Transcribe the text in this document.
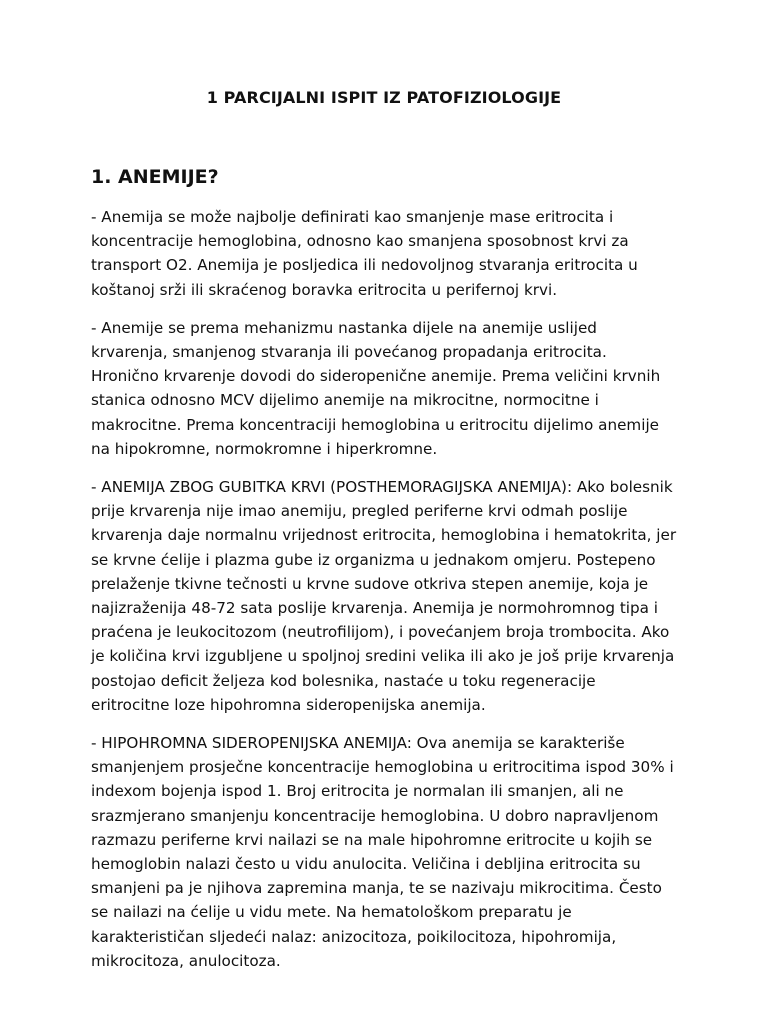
1 PARCIJALNI ISPIT IZ PATOFIZIOLOGIJE
1. ANEMIJE?

- Anemija se može najbolje definirati kao smanjenje mase eritrocita i koncentracije hemoglobina, odnosno kao smanjena sposobnost krvi za transport O2. Anemija je posljedica ili nedovoljnog stvaranja eritrocita u koštanoj srži ili skraćenog boravka eritrocita u perifernoj krvi.

- Anemije se prema mehanizmu nastanka dijele na anemije uslijed krvarenja, smanjenog stvaranja ili povećanog propadanja eritrocita. Hronično krvarenje dovodi do sideropenične anemije. Prema veličini krvnih stanica odnosno MCV dijelimo anemije na mikrocitne, normocitne i makrocitne. Prema koncentraciji hemoglobina u eritrocitu dijelimo anemije na hipokromne, normokromne i hiperkromne.

- ANEMIJA ZBOG GUBITKA KRVI (POSTHEMORAGIJSKA ANEMIJA): Ako bolesnik prije krvarenja nije imao anemiju, pregled periferne krvi odmah poslije krvarenja daje normalnu vrijednost eritrocita, hemoglobina i hematokrita, jer se krvne ćelije i plazma gube iz organizma u jednakom omjeru. Postepeno prelaženje tkivne tečnosti u krvne sudove otkriva stepen anemije, koja je najizraženija 48-72 sata poslije krvarenja. Anemija je normohromnog tipa i praćena je leukocitozom (neutrofilijom), i povećanjem broja trombocita. Ako je količina krvi izgubljene u spoljnoj sredini velika ili ako je još prije krvarenja postojao deficit željeza kod bolesnika, nastaće u toku regeneracije eritrocitne loze hipohromna sideropenijska anemija.

- HIPOHROMNA SIDEROPENIJSKA ANEMIJA: Ova anemija se karakteriše smanjenjem prosječne koncentracije hemoglobina u eritrocitima ispod 30% i indexom bojenja ispod 1. Broj eritrocita je normalan ili smanjen, ali ne srazmjerano smanjenju koncentracije hemoglobina. U dobro napravljenom razmazu periferne krvi nailazi se na male hipohromne eritrocite u kojih se hemoglobin nalazi često u vidu anulocita. Veličina i debljina eritrocita su smanjeni pa je njihova zapremina manja, te se nazivaju mikrocitima. Često se nailazi na ćelije u vidu mete. Na hematološkom preparatu je karakterističan sljedeći nalaz: anizocitoza, poikilocitoza, hipohromija, mikrocitoza, anulocitoza.
